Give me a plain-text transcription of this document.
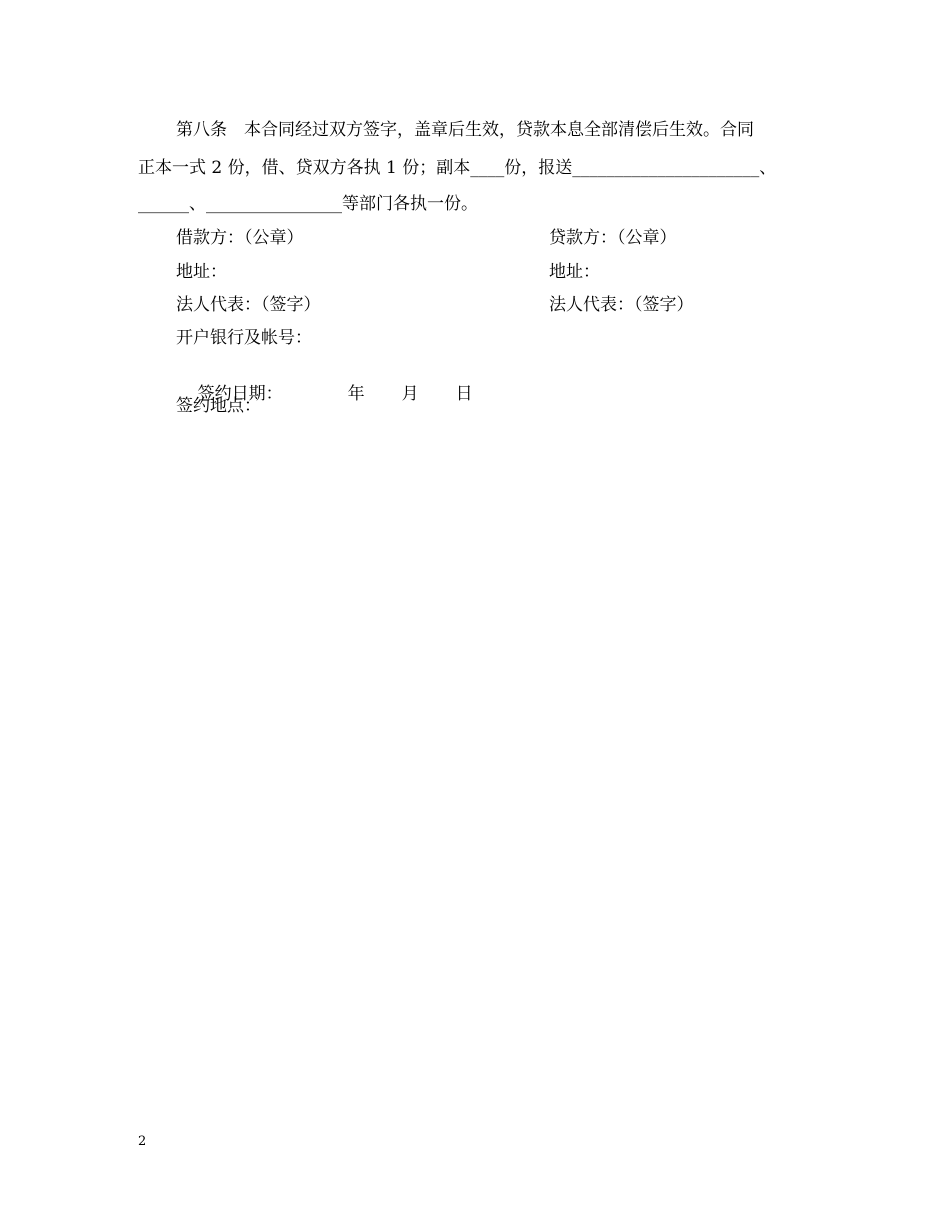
第八条　本合同经过双方签字，盖章后生效，贷款本息全部清偿后生效。合同
正本一式 2 份，借、贷双方各执 1 份；副本____份，报送______________________、
______、________________等部门各执一份。
借款方：（公章）	贷款方：（公章）
地址：	地址：
法人代表：（签字）	法人代表：（签字）
开户银行及帐号：

签约日期：	年 月 日

签约地点：
2
